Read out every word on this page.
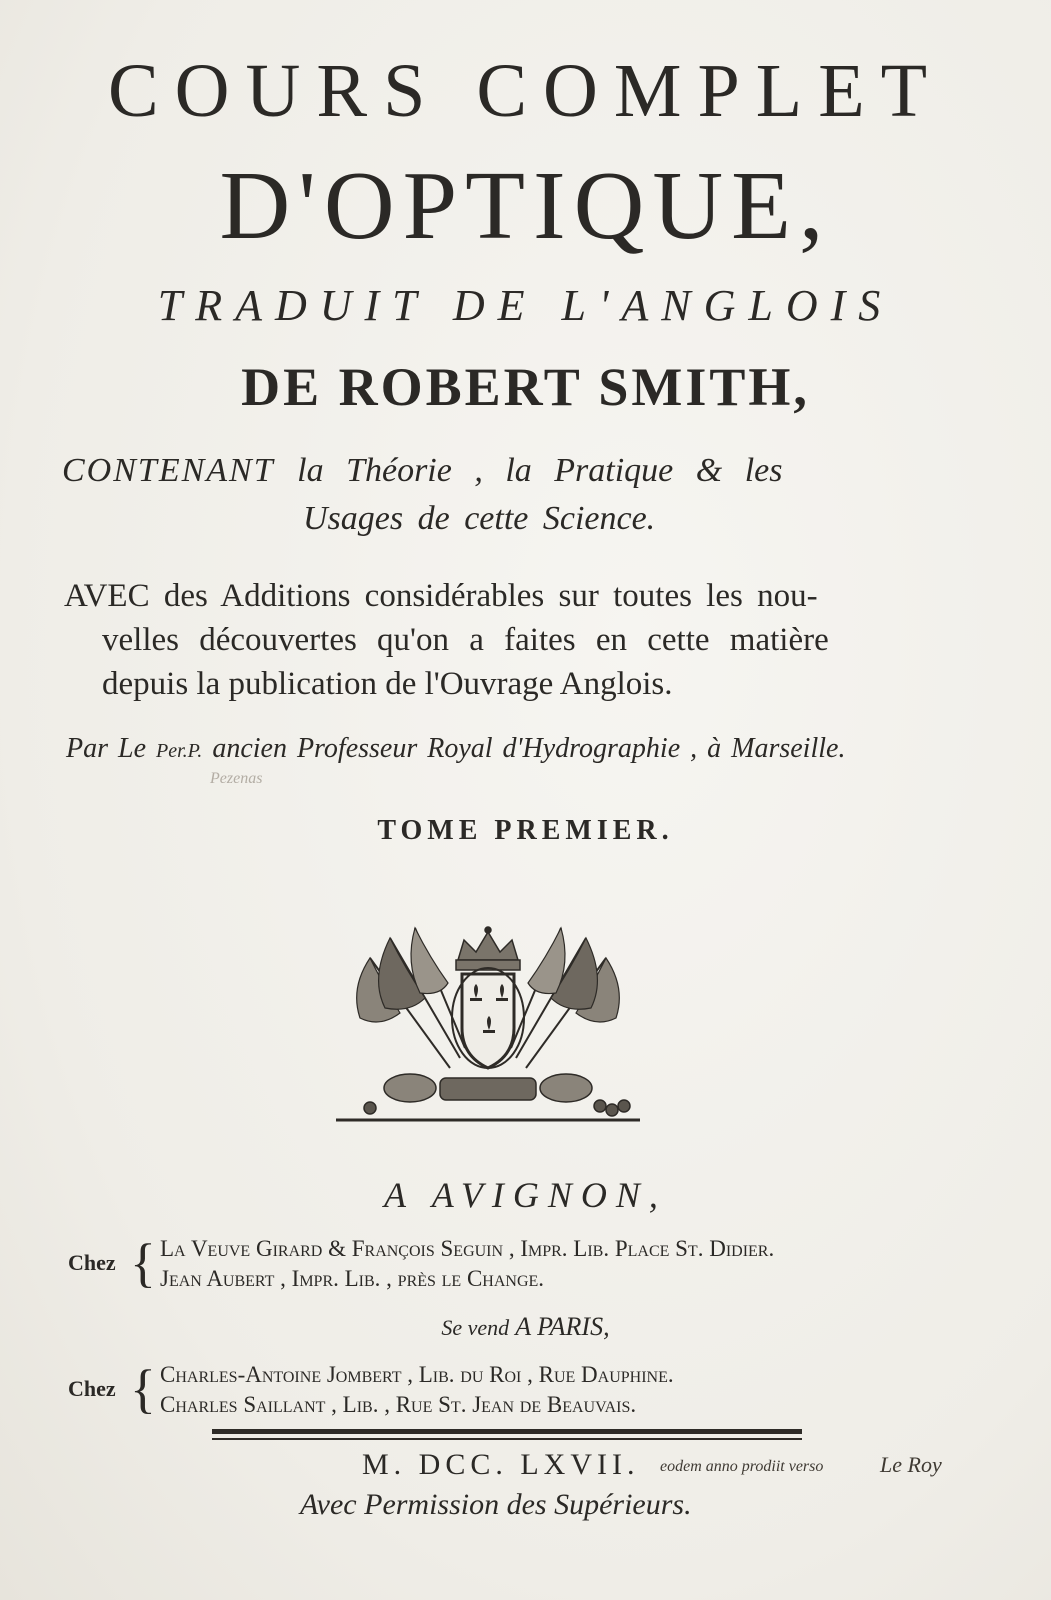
COURS COMPLET
D'OPTIQUE,
TRADUIT DE L'ANGLOIS
DE ROBERT SMITH,
CONTENANT la Théorie , la Pratique & les
Usages de cette Science.
AVEC des Additions considérables sur toutes les nou-
velles découvertes qu'on a faites en cette matière
depuis la publication de l'Ouvrage Anglois.
Par Le Per.P. ancien Professeur Royal d'Hydrographie , à Marseille.
Pezenas
TOME PREMIER.
A AVIGNON,
Chez { La Veuve Girard & François Seguin , Impr. Lib. Place St. Didier.
Jean Aubert , Impr. Lib. , près le Change.
Se vend A PARIS,
Chez { Charles-Antoine Jombert , Lib. du Roi , Rue Dauphine.
Charles Saillant , Lib. , Rue St. Jean de Beauvais.
M. DCC. LXVII. eodem anno prodiit verso	Le Roy
Avec Permission des Supérieurs.
